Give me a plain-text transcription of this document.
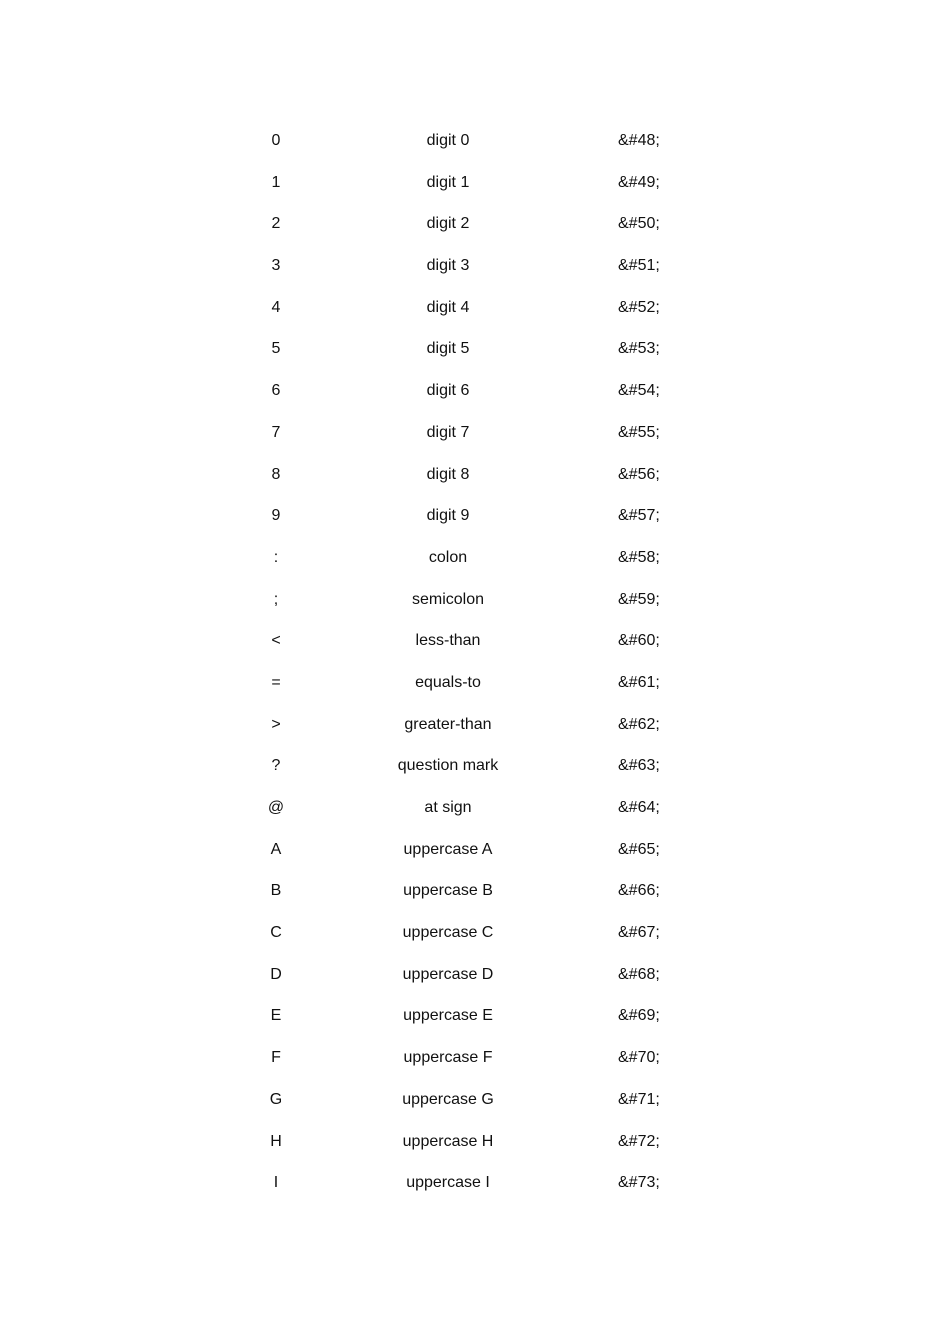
0	digit 0	&#48;
1	digit 1	&#49;
2	digit 2	&#50;
3	digit 3	&#51;
4	digit 4	&#52;
5	digit 5	&#53;
6	digit 6	&#54;
7	digit 7	&#55;
8	digit 8	&#56;
9	digit 9	&#57;
:	colon	&#58;
;	semicolon	&#59;
<	less-than	&#60;
=	equals-to	&#61;
>	greater-than	&#62;
?	question mark	&#63;
@	at sign	&#64;
A	uppercase A	&#65;
B	uppercase B	&#66;
C	uppercase C	&#67;
D	uppercase D	&#68;
E	uppercase E	&#69;
F	uppercase F	&#70;
G	uppercase G	&#71;
H	uppercase H	&#72;
I	uppercase I	&#73;
